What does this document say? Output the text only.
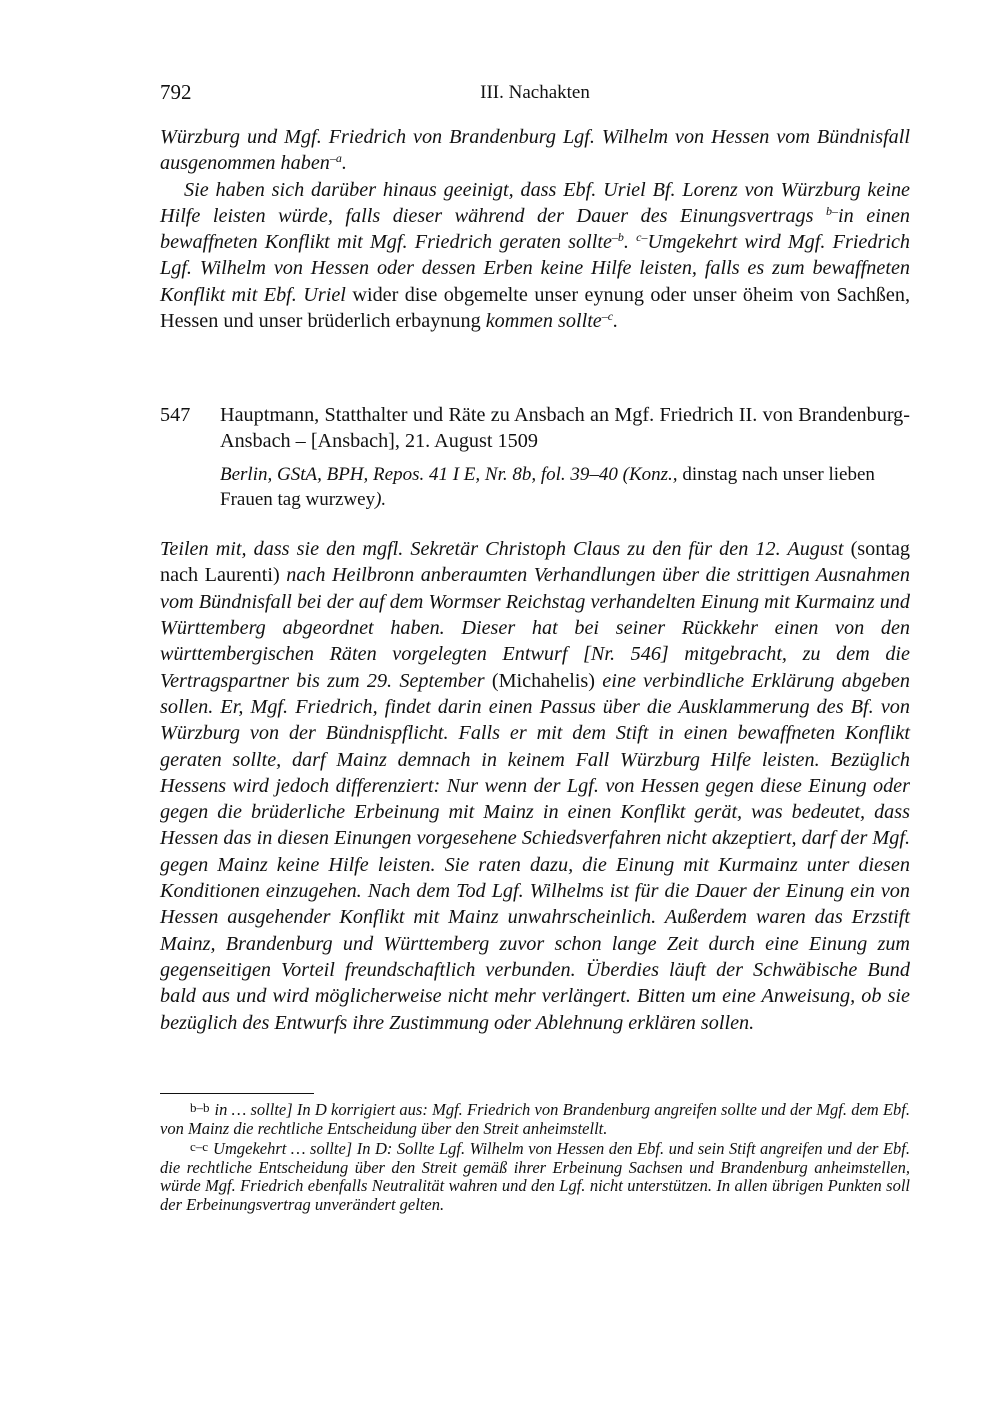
792	III. Nachakten

Würzburg und Mgf. Friedrich von Brandenburg Lgf. Wilhelm von Hessen vom Bündnisfall ausgenommen haben$^{-a}$.

Sie haben sich darüber hinaus geeinigt, dass Ebf. Uriel Bf. Lorenz von Würzburg keine Hilfe leisten würde, falls dieser während der Dauer des Einungsvertrags $^{b-}$in einen bewaffneten Konflikt mit Mgf. Friedrich geraten sollte$^{-b}$. $^{c-}$Umgekehrt wird Mgf. Friedrich Lgf. Wilhelm von Hessen oder dessen Erben keine Hilfe leisten, falls es zum bewaffneten Konflikt mit Ebf. Uriel wider dise obgemelte unser eynung oder unser öheim von Sachßen, Hessen und unser brüderlich erbaynung kommen sollte$^{-c}$.

547 Hauptmann, Statthalter und Räte zu Ansbach an Mgf. Friedrich II. von Brandenburg-Ansbach – [Ansbach], 21. August 1509
Berlin, GStA, BPH, Repos. 41 I E, Nr. 8b, fol. 39–40 (Konz., dinstag nach unser lieben Frauen tag wurzwey).

Teilen mit, dass sie den mgfl. Sekretär Christoph Claus zu den für den 12. August (sontag nach Laurenti) nach Heilbronn anberaumten Verhandlungen über die strittigen Ausnahmen vom Bündnisfall bei der auf dem Wormser Reichstag verhandelten Einung mit Kurmainz und Württemberg abgeordnet haben. Dieser hat bei seiner Rückkehr einen von den württembergischen Räten vorgelegten Entwurf [Nr. 546] mitgebracht, zu dem die Vertragspartner bis zum 29. September (Michahelis) eine verbindliche Erklärung abgeben sollen. Er, Mgf. Friedrich, findet darin einen Passus über die Ausklammerung des Bf. von Würzburg von der Bündnispflicht. Falls er mit dem Stift in einen bewaffneten Konflikt geraten sollte, darf Mainz demnach in keinem Fall Würzburg Hilfe leisten. Bezüglich Hessens wird jedoch differenziert: Nur wenn der Lgf. von Hessen gegen diese Einung oder gegen die brüderliche Erbeinung mit Mainz in einen Konflikt gerät, was bedeutet, dass Hessen das in diesen Einungen vorgesehene Schiedsverfahren nicht akzeptiert, darf der Mgf. gegen Mainz keine Hilfe leisten. Sie raten dazu, die Einung mit Kurmainz unter diesen Konditionen einzugehen. Nach dem Tod Lgf. Wilhelms ist für die Dauer der Einung ein von Hessen ausgehender Konflikt mit Mainz unwahrscheinlich. Außerdem waren das Erzstift Mainz, Brandenburg und Württemberg zuvor schon lange Zeit durch eine Einung zum gegenseitigen Vorteil freundschaftlich verbunden. Überdies läuft der Schwäbische Bund bald aus und wird möglicherweise nicht mehr verlängert. Bitten um eine Anweisung, ob sie bezüglich des Entwurfs ihre Zustimmung oder Ablehnung erklären sollen.

b–b in … sollte] In D korrigiert aus: Mgf. Friedrich von Brandenburg angreifen sollte und der Mgf. dem Ebf. von Mainz die rechtliche Entscheidung über den Streit anheimstellt.

c–c Umgekehrt … sollte] In D: Sollte Lgf. Wilhelm von Hessen den Ebf. und sein Stift angreifen und der Ebf. die rechtliche Entscheidung über den Streit gemäß ihrer Erbeinung Sachsen und Brandenburg anheimstellen, würde Mgf. Friedrich ebenfalls Neutralität wahren und den Lgf. nicht unterstützen. In allen übrigen Punkten soll der Erbeinungsvertrag unverändert gelten.
